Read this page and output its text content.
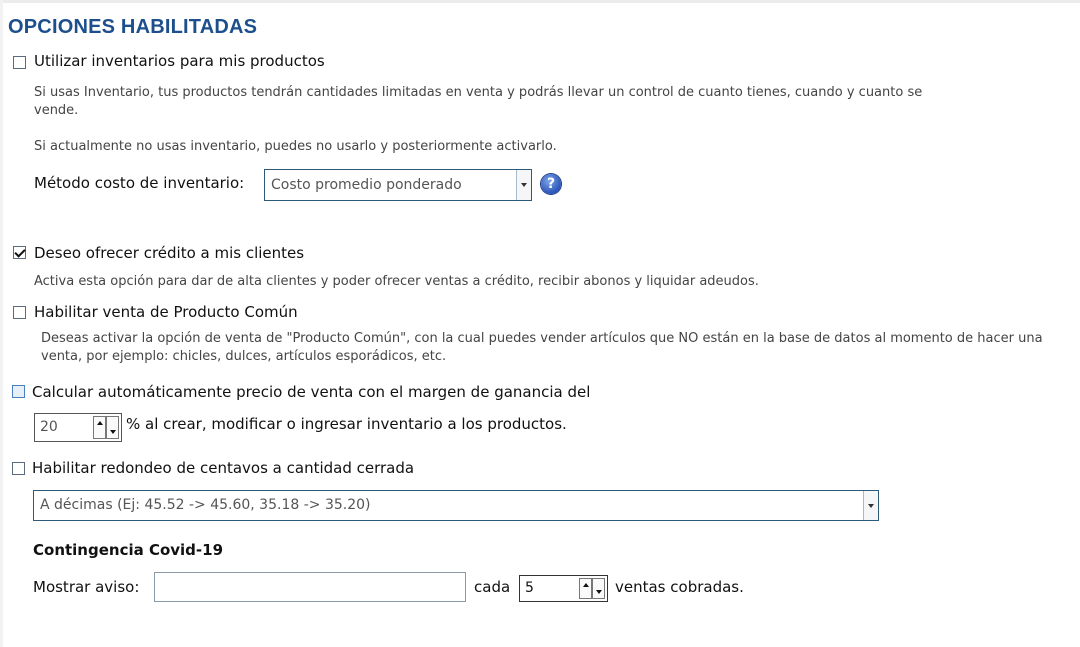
OPCIONES HABILITADAS
Utilizar inventarios para mis productos
Si usas Inventario, tus productos tendrán cantidades limitadas en venta y podrás llevar un control de cuanto tienes, cuando y cuanto se
vende.
Si actualmente no usas inventario, puedes no usarlo y posteriormente activarlo.
Método costo de inventario: Costo promedio ponderado	?
Deseo ofrecer crédito a mis clientes
Activa esta opción para dar de alta clientes y poder ofrecer ventas a crédito, recibir abonos y liquidar adeudos.
Habilitar venta de Producto Común
Deseas activar la opción de venta de "Producto Común", con la cual puedes vender artículos que NO están en la base de datos al momento de hacer una
venta, por ejemplo: chicles, dulces, artículos esporádicos, etc.
Calcular automáticamente precio de venta con el margen de ganancia del
20	% al crear, modificar o ingresar inventario a los productos.
Habilitar redondeo de centavos a cantidad cerrada
A décimas (Ej: 45.52 -> 45.60, 35.18 -> 35.20)
Contingencia Covid-19
Mostrar aviso:	cada 5	ventas cobradas.
